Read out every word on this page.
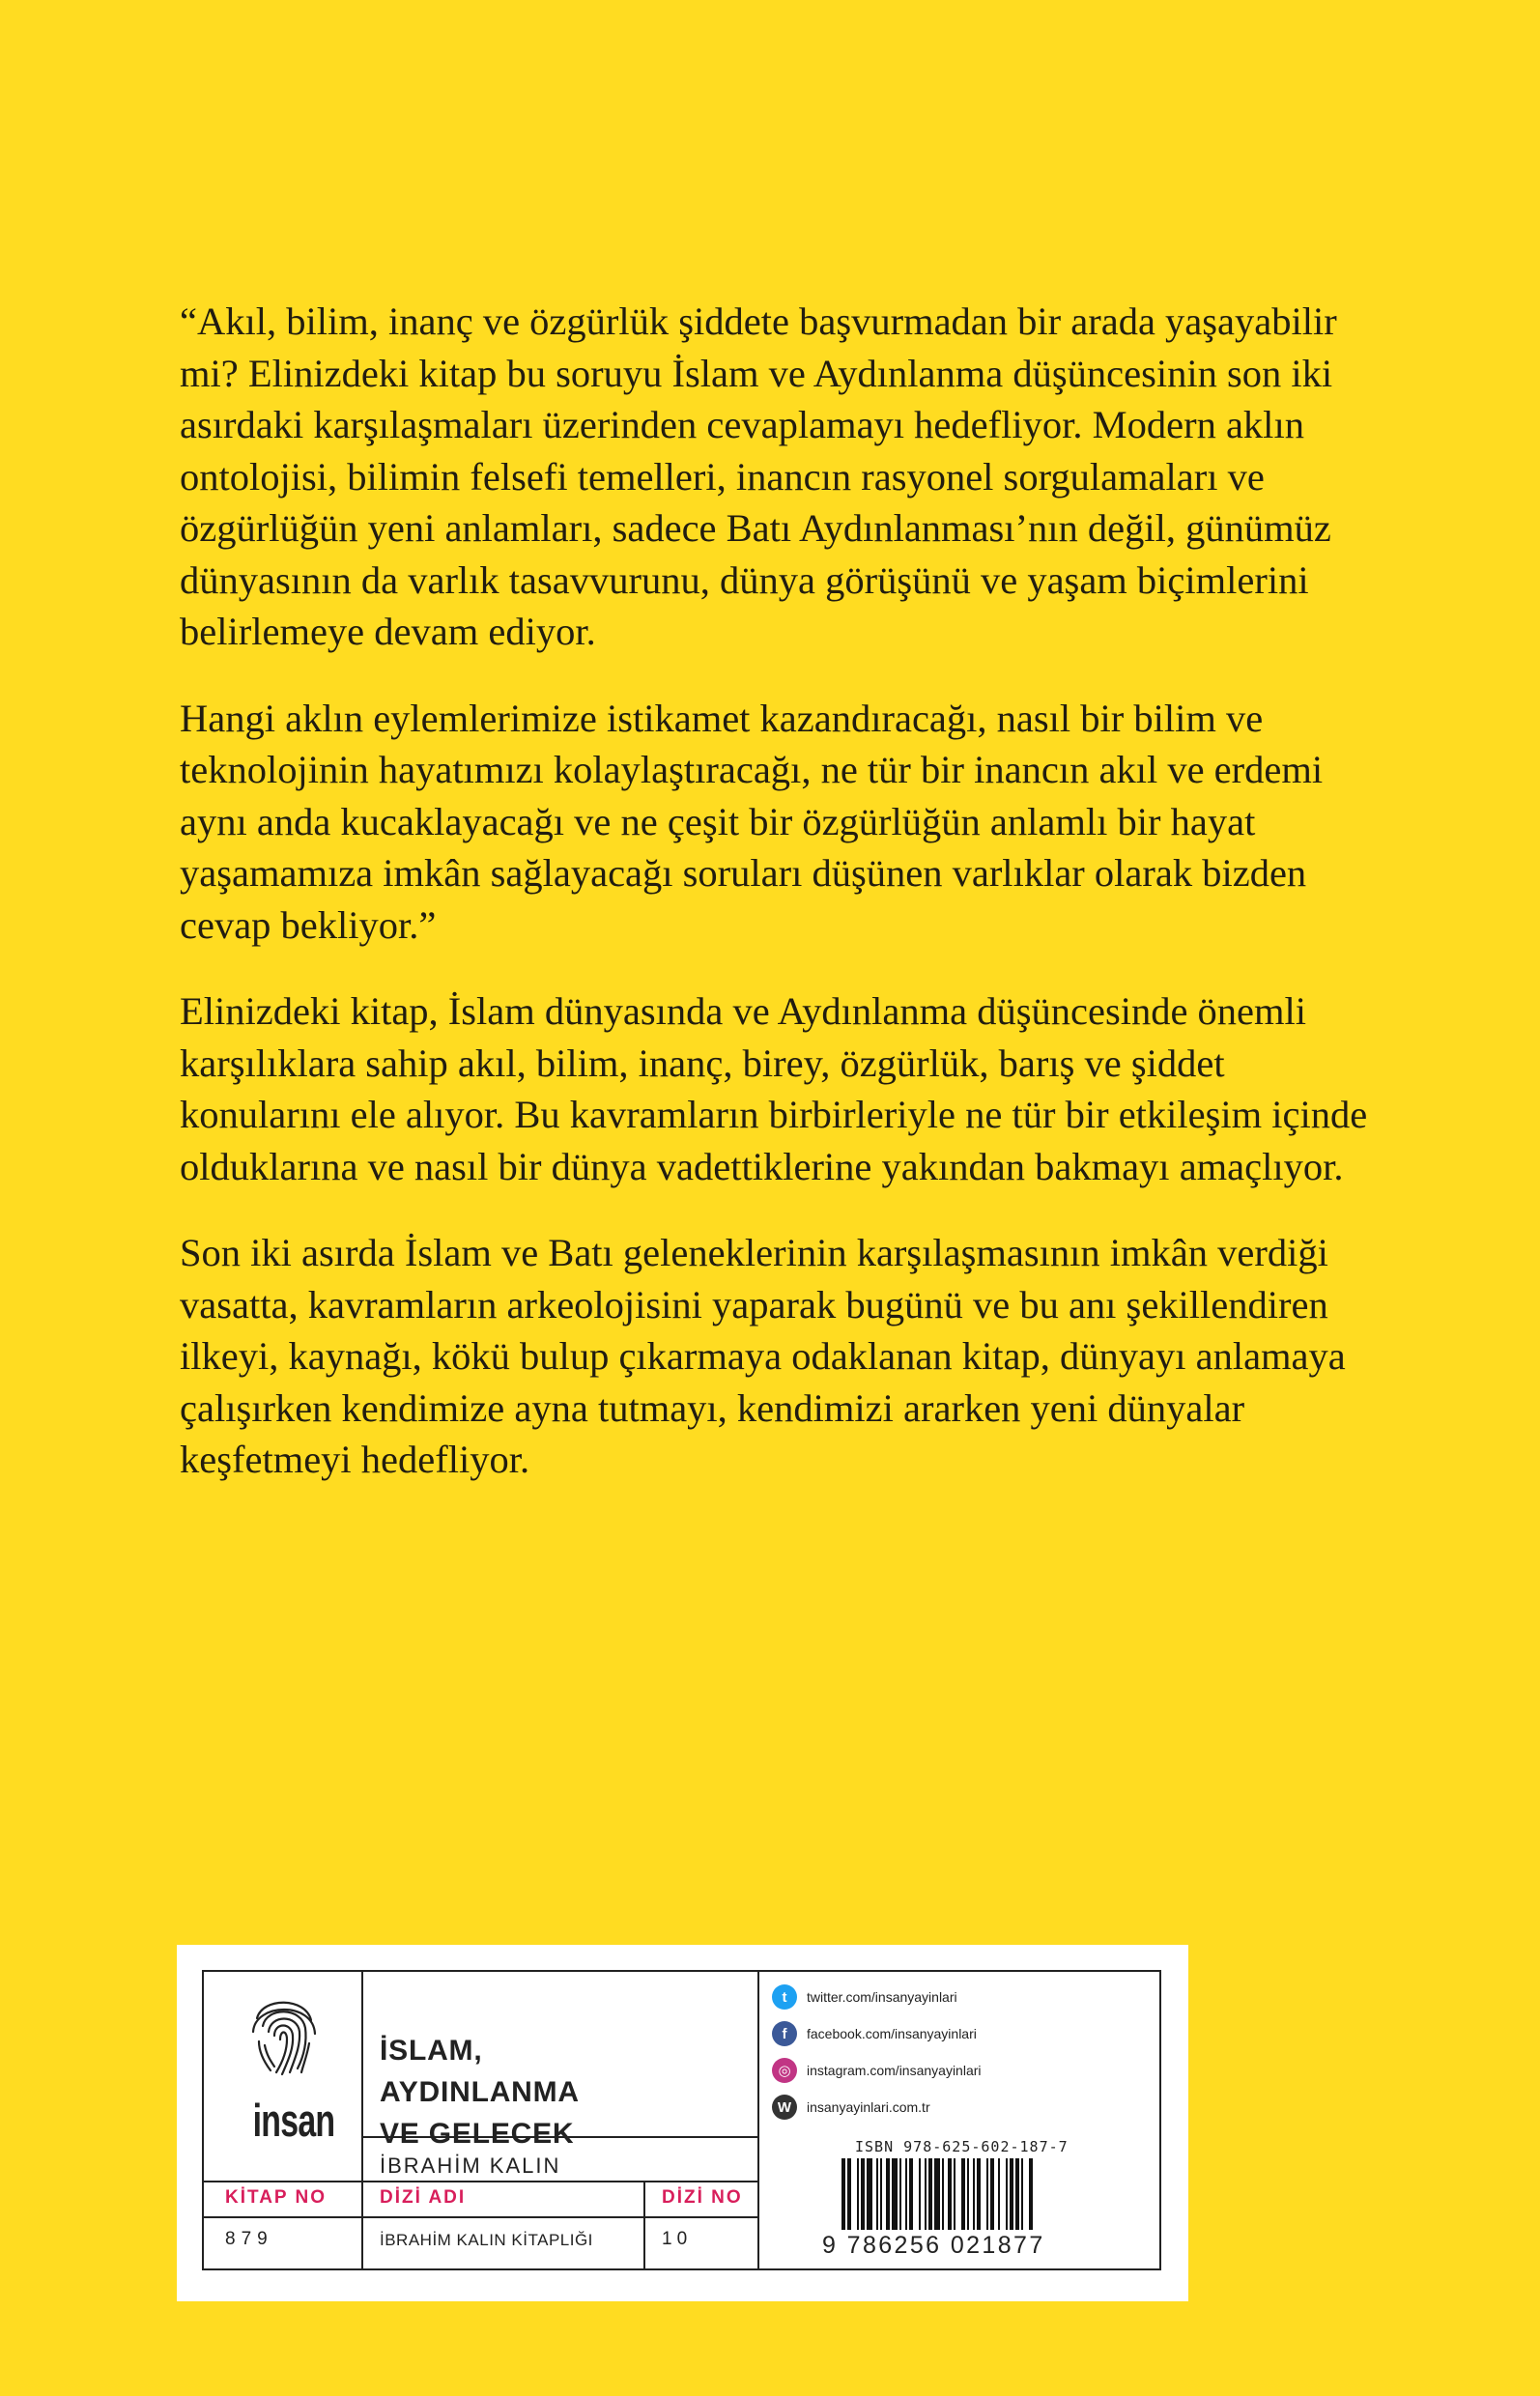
“Akıl, bilim, inanç ve özgürlük şiddete başvurmadan bir arada yaşayabilir mi? Elinizdeki kitap bu soruyu İslam ve Aydınlanma düşüncesinin son iki asırdaki karşılaşmaları üzerinden cevaplamayı hedefliyor. Modern aklın ontolojisi, bilimin felsefi temelleri, inancın rasyonel sorgulamaları ve özgürlüğün yeni anlamları, sadece Batı Aydınlanması’nın değil, günümüz dünyasının da varlık tasavvurunu, dünya görüşünü ve yaşam biçimlerini belirlemeye devam ediyor.

Hangi aklın eylemlerimize istikamet kazandıracağı, nasıl bir bilim ve teknolojinin hayatımızı kolaylaştıracağı, ne tür bir inancın akıl ve erdemi aynı anda kucaklayacağı ve ne çeşit bir özgürlüğün anlamlı bir hayat yaşamamıza imkân sağlayacağı soruları düşünen varlıklar olarak bizden cevap bekliyor.”

Elinizdeki kitap, İslam dünyasında ve Aydınlanma düşüncesinde önemli karşılıklara sahip akıl, bilim, inanç, birey, özgürlük, barış ve şiddet konularını ele alıyor. Bu kavramların birbirleriyle ne tür bir etkileşim içinde olduklarına ve nasıl bir dünya vadettiklerine yakından bakmayı amaçlıyor.

Son iki asırda İslam ve Batı geleneklerinin karşılaşmasının imkân verdiği vasatta, kavramların arkeolojisini yaparak bugünü ve bu anı şekillendiren ilkeyi, kaynağı, kökü bulup çıkarmaya odaklanan kitap, dünyayı anlamaya çalışırken kendimize ayna tutmayı, kendimizi ararken yeni dünyalar keşfetmeyi hedefliyor.

insan
İSLAM, AYDINLANMA
VE GELECEK
İBRAHİM KALIN
KİTAP NO	DİZİ ADI	DİZİ NO
879	İBRAHİM KALIN KİTAPLIĞI	10
t	twitter.com/insanyayinlari
f	facebook.com/insanyayinlari
◎	instagram.com/insanyayinlari
W	insanyayinlari.com.tr
ISBN 978-625-602-187-7
9 786256 021877
